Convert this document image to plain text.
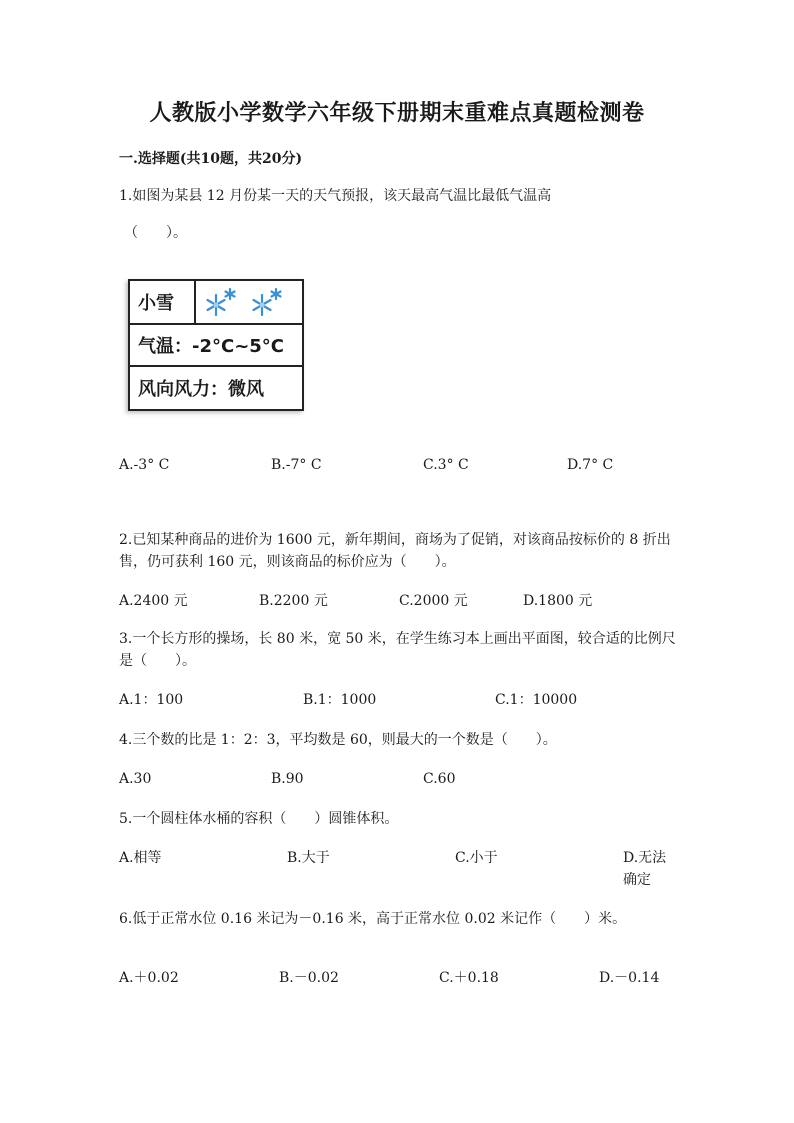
人教版小学数学六年级下册期末重难点真题检测卷
一.选择题(共10题，共20分)
1.如图为某县 12 月份某一天的天气预报，该天最高气温比最低气温高
（　　）。
小雪
气温：-2°C~5°C
风向风力：微风
A.-3° C	B.-7° C	C.3° C	D.7° C
2.已知某种商品的进价为 1600 元，新年期间，商场为了促销，对该商品按标价的 8 折出售，仍可获利 160 元，则该商品的标价应为（　　）。
A.2400 元	B.2200 元	C.2000 元	D.1800 元
3.一个长方形的操场，长 80 米，宽 50 米，在学生练习本上画出平面图，较合适的比例尺是（　　）。
A.1：100	B.1：1000	C.1：10000
4.三个数的比是 1：2：3，平均数是 60，则最大的一个数是（　　）。
A.30	B.90	C.60
5.一个圆柱体水桶的容积（　　）圆锥体积。
A.相等	B.大于	C.小于	D.无法确定
6.低于正常水位 0.16 米记为－0.16 米，高于正常水位 0.02 米记作（　　）米。
A.＋0.02	B.－0.02	C.＋0.18	D.－0.14
